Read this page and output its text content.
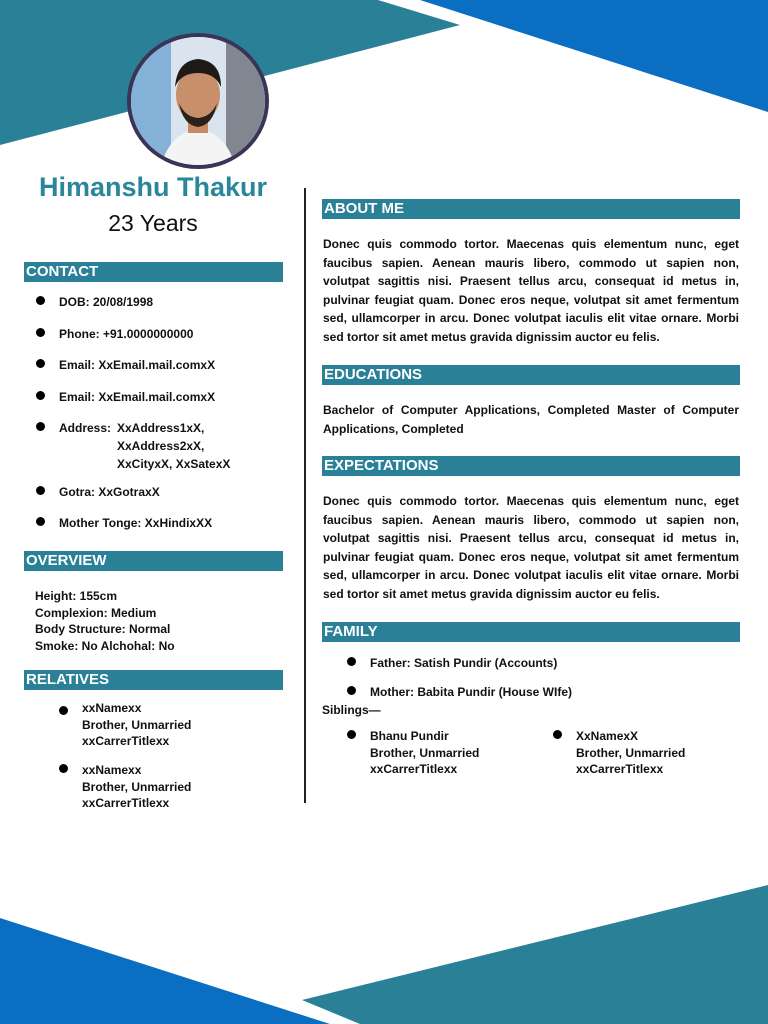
Himanshu Thakur
23 Years
CONTACT
DOB: 20/08/1998
Phone: +91.0000000000
Email: XxEmail.mail.comxX
Email: XxEmail.mail.comxX
Address: XxAddress1xX,
XxAddress2xX,
XxCityxX, XxSatexX
Gotra: XxGotraxX
Mother Tonge: XxHindixXX
OVERVIEW
Height: 155cm
Complexion: Medium
Body Structure: Normal
Smoke: No Alchohal: No
RELATIVES
xxNamexx
Brother, Unmarried
xxCarrerTitlexx
xxNamexx
Brother, Unmarried
xxCarrerTitlexx
ABOUT ME
Donec quis commodo tortor. Maecenas quis elementum nunc, eget faucibus sapien. Aenean mauris libero, commodo ut sapien non, volutpat sagittis nisi. Praesent tellus arcu, consequat id metus in, pulvinar feugiat quam. Donec eros neque, volutpat sit amet fermentum sed, ullamcorper in arcu. Donec volutpat iaculis elit vitae ornare. Morbi sed tortor sit amet metus gravida dignissim auctor eu felis.
EDUCATIONS
Bachelor of Computer Applications, Completed Master of Computer Applications, Completed
EXPECTATIONS
Donec quis commodo tortor. Maecenas quis elementum nunc, eget faucibus sapien. Aenean mauris libero, commodo ut sapien non, volutpat sagittis nisi. Praesent tellus arcu, consequat id metus in, pulvinar feugiat quam. Donec eros neque, volutpat sit amet fermentum sed, ullamcorper in arcu. Donec volutpat iaculis elit vitae ornare. Morbi sed tortor sit amet metus gravida dignissim auctor eu felis.
FAMILY
Father: Satish Pundir (Accounts)
Mother: Babita Pundir (House WIfe)
Siblings—
Bhanu Pundir
Brother, Unmarried
xxCarrerTitlexx
XxNamexX
Brother, Unmarried
xxCarrerTitlexx
